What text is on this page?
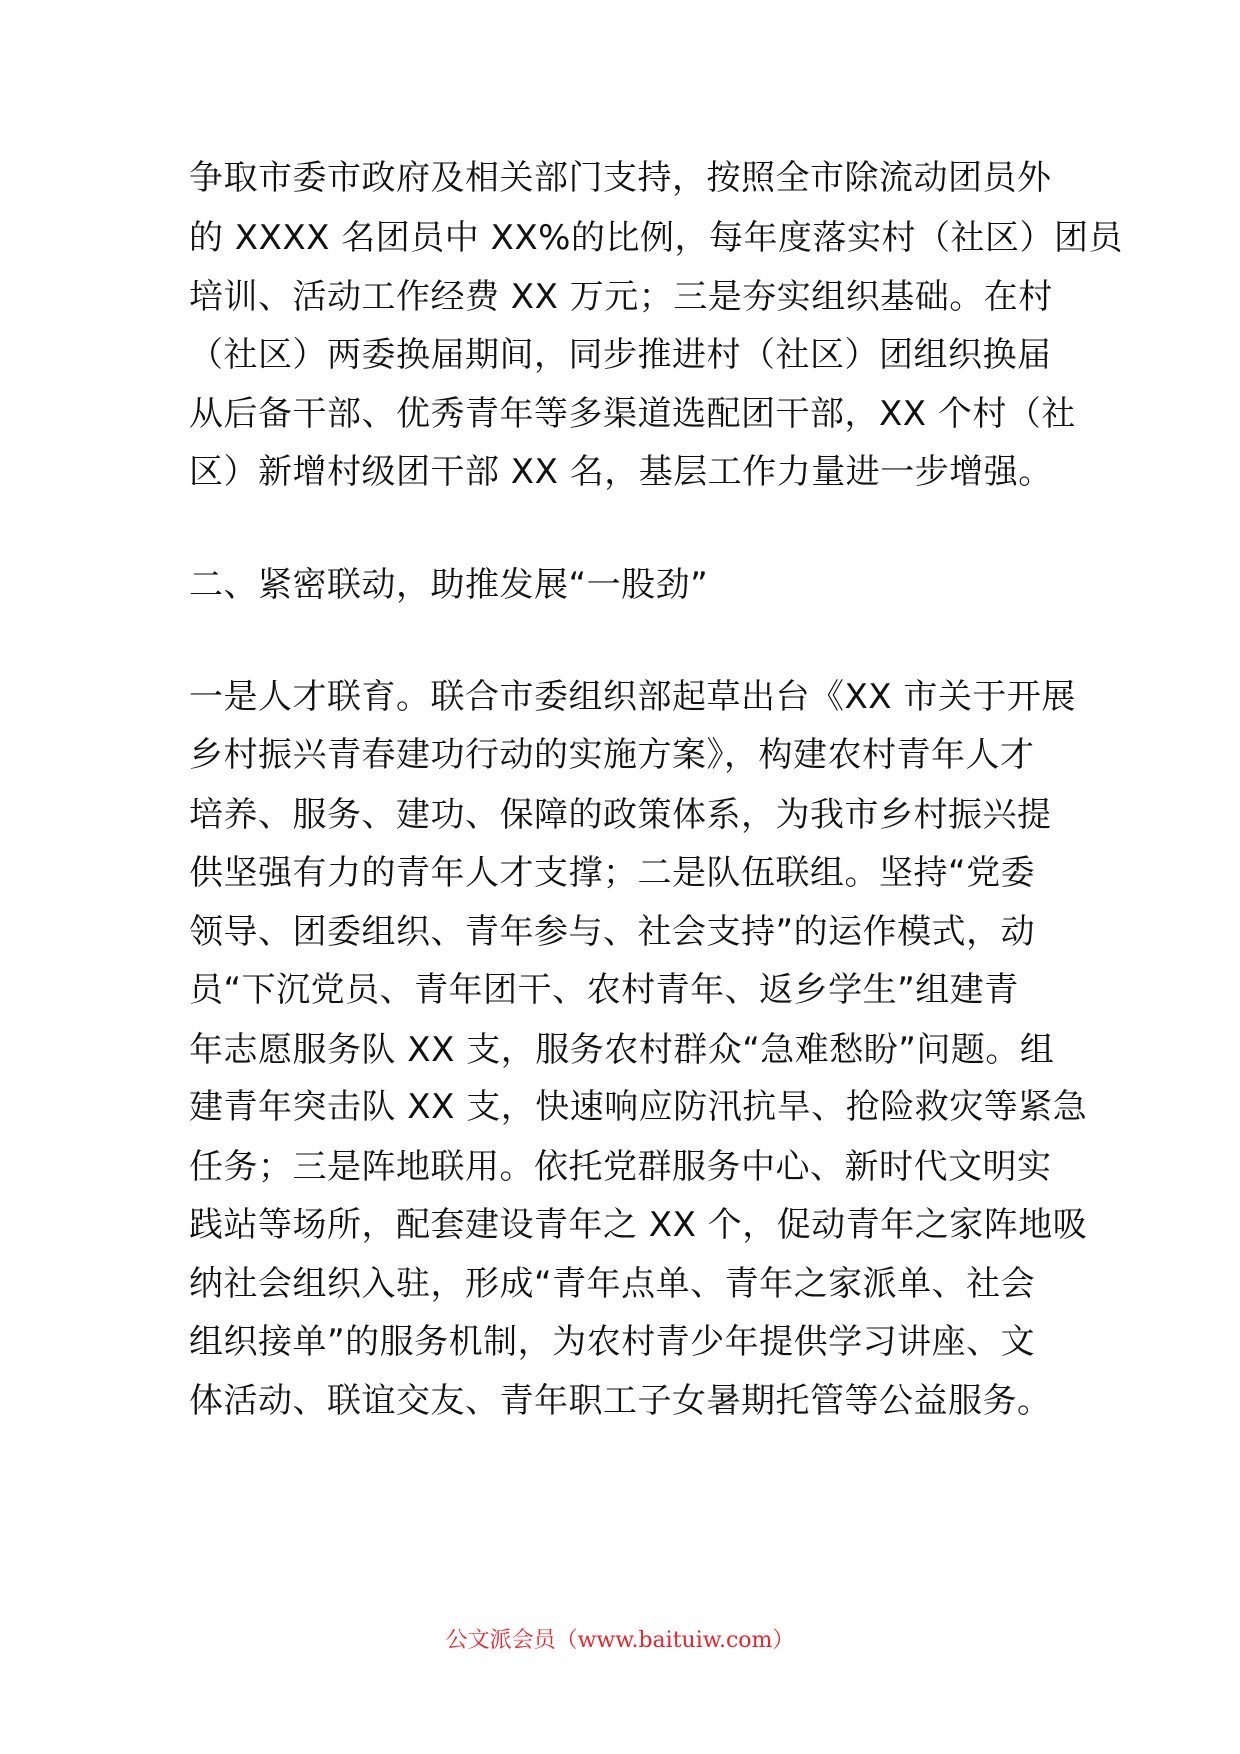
争取市委市政府及相关部门支持，按照全市除流动团员外
的 XXXX 名团员中 XX%的比例，每年度落实村（社区）团员
培训、活动工作经费 XX 万元；三是夯实组织基础。在村
（社区）两委换届期间，同步推进村（社区）团组织换届
从后备干部、优秀青年等多渠道选配团干部，XX 个村（社
区）新增村级团干部 XX 名，基层工作力量进一步增强。
二、紧密联动，助推发展“一股劲”
一是人才联育。联合市委组织部起草出台《XX 市关于开展
乡村振兴青春建功行动的实施方案》，构建农村青年人才
培养、服务、建功、保障的政策体系，为我市乡村振兴提
供坚强有力的青年人才支撑；二是队伍联组。坚持“党委
领导、团委组织、青年参与、社会支持”的运作模式，动
员“下沉党员、青年团干、农村青年、返乡学生”组建青
年志愿服务队 XX 支，服务农村群众“急难愁盼”问题。组
建青年突击队 XX 支，快速响应防汛抗旱、抢险救灾等紧急
任务；三是阵地联用。依托党群服务中心、新时代文明实
践站等场所，配套建设青年之 XX 个，促动青年之家阵地吸
纳社会组织入驻，形成“青年点单、青年之家派单、社会
组织接单”的服务机制，为农村青少年提供学习讲座、文
体活动、联谊交友、青年职工子女暑期托管等公益服务。
公文派会员（www.baituiw.com）
